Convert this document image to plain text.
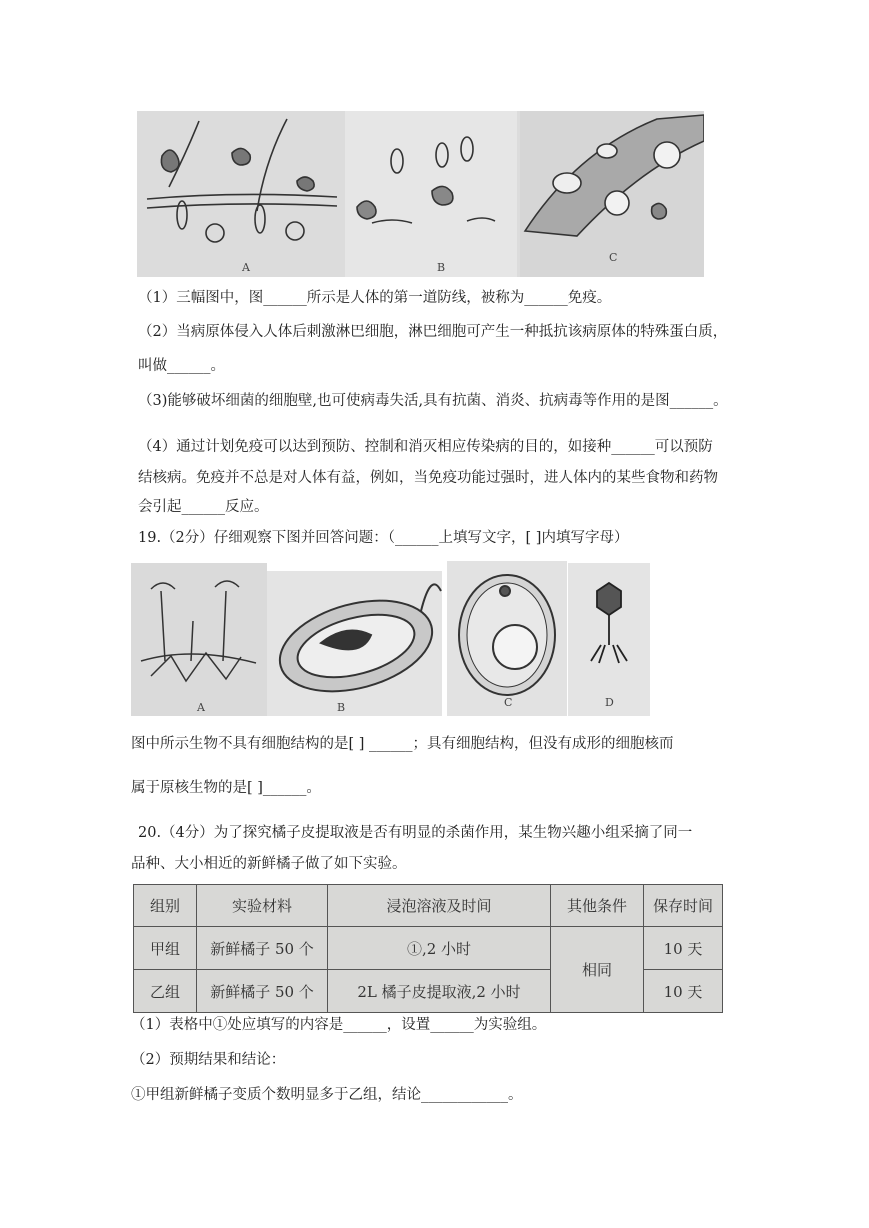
A	B
C
（1）三幅图中，图______所示是人体的第一道防线，被称为______免疫。
（2）当病原体侵入人体后刺激淋巴细胞，淋巴细胞可产生一种抵抗该病原体的特殊蛋白质，
叫做______。
（3)能够破坏细菌的细胞壁,也可使病毒失活,具有抗菌、消炎、抗病毒等作用的是图______。
（4）通过计划免疫可以达到预防、控制和消灭相应传染病的目的，如接种______可以预防
结核病。免疫并不总是对人体有益，例如，当免疫功能过强时，进人体内的某些食物和药物
会引起______反应。
19.（2分）仔细观察下图并回答问题：（______上填写文字，[ ]内填写字母）
A	B	C	D
图中所示生物不具有细胞结构的是[ ] ______；具有细胞结构，但没有成形的细胞核而
属于原核生物的是[ ]______。
20.（4分）为了探究橘子皮提取液是否有明显的杀菌作用，某生物兴趣小组采摘了同一
品种、大小相近的新鲜橘子做了如下实验。
组别	实验材料	浸泡溶液及时间	其他条件	保存时间
甲组	新鲜橘子 50 个	①,2 小时	相同	10 天
乙组	新鲜橘子 50 个	2L 橘子皮提取液,2 小时		10 天
（1）表格中①处应填写的内容是______，设置______为实验组。
（2）预期结果和结论：
①甲组新鲜橘子变质个数明显多于乙组，结论____________。
